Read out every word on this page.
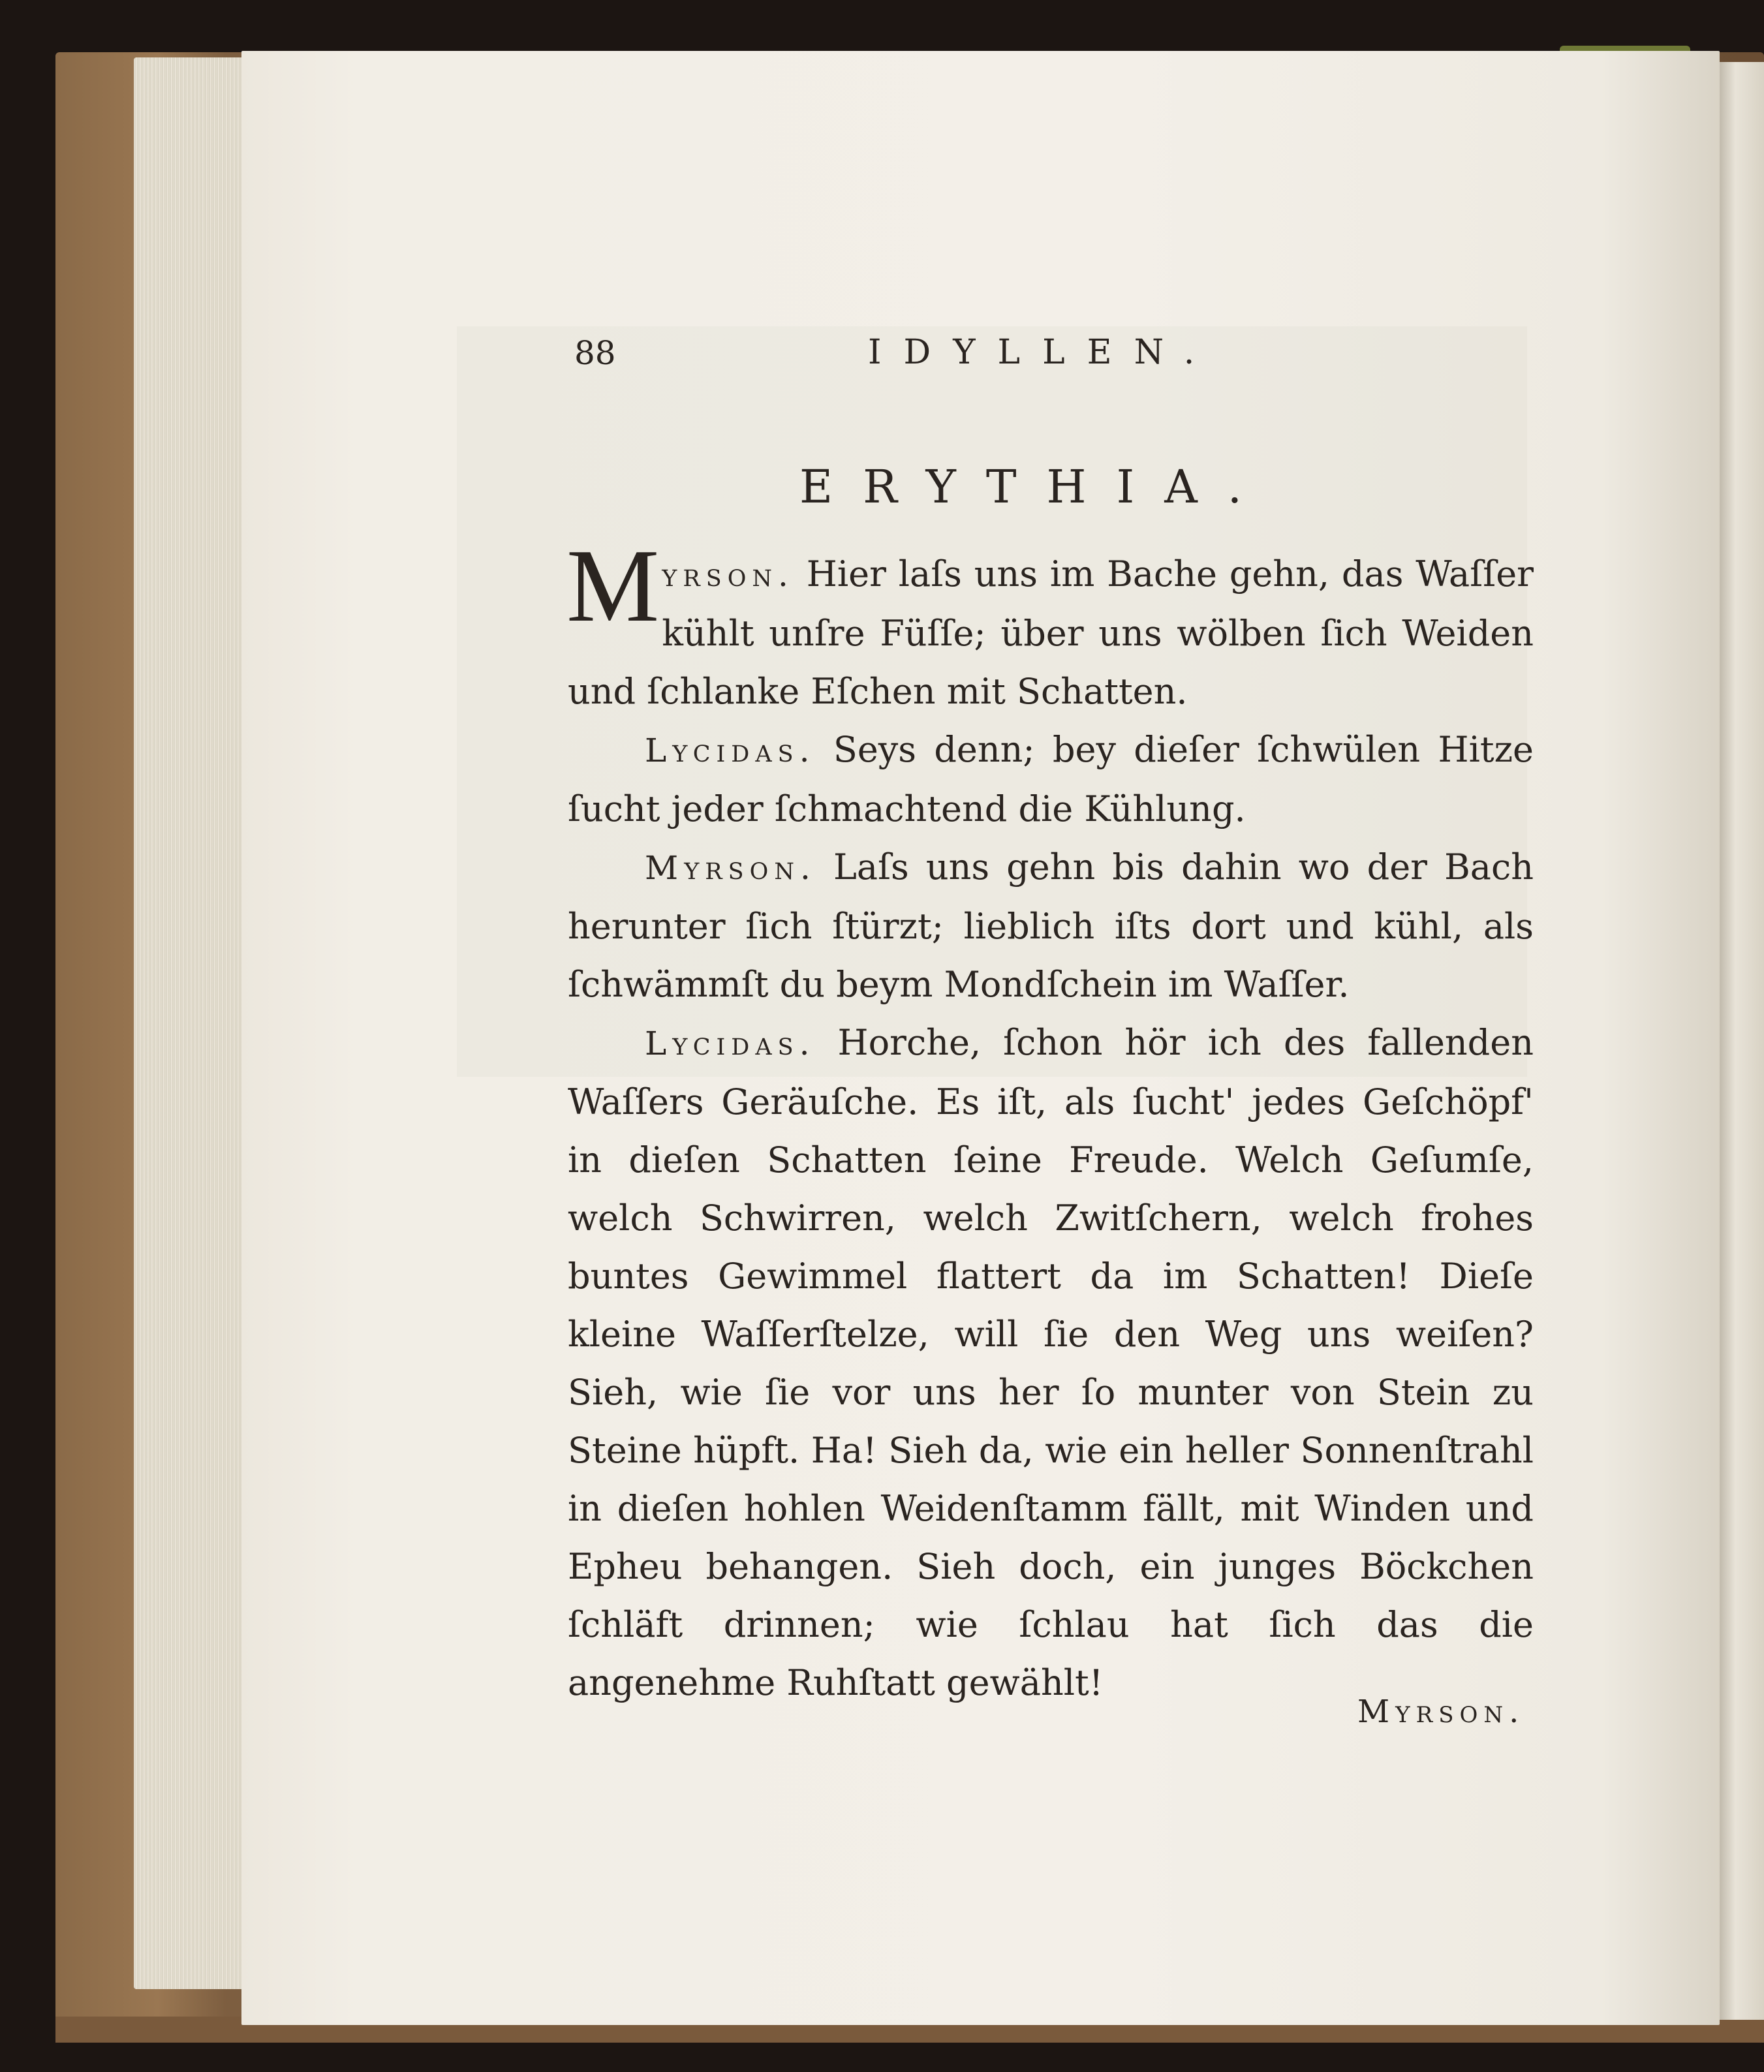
88	IDYLLEN.
ERYTHIA.

Myrson. Hier laſs uns im Bache gehn, das Waſſer kühlt unſre Füſſe; über uns wölben ſich Weiden und ſchlanke Eſchen mit Schatten.

Lycidas. Seys denn; bey dieſer ſchwülen Hitze ſucht jeder ſchmachtend die Kühlung.

Myrson. Laſs uns gehn bis dahin wo der Bach herunter ſich ſtürzt; lieblich iſts dort und kühl, als ſchwämmſt du beym Mondſchein im Waſſer.

Lycidas. Horche, ſchon hör ich des fallenden Waſſers Geräuſche. Es iſt, als ſucht' jedes Geſchöpf' in dieſen Schatten ſeine Freude. Welch Geſumſe, welch Schwirren, welch Zwitſchern, welch frohes buntes Gewimmel flattert da im Schatten! Dieſe kleine Waſſerſtelze, will ſie den Weg uns weiſen? Sieh, wie ſie vor uns her ſo munter von Stein zu Steine hüpft. Ha! Sieh da, wie ein heller Sonnenſtrahl in dieſen hohlen Weidenſtamm fällt, mit Winden und Epheu behangen. Sieh doch, ein junges Böckchen ſchläft drinnen; wie ſchlau hat ſich das die angenehme Ruhſtatt gewählt!

Myrson.
